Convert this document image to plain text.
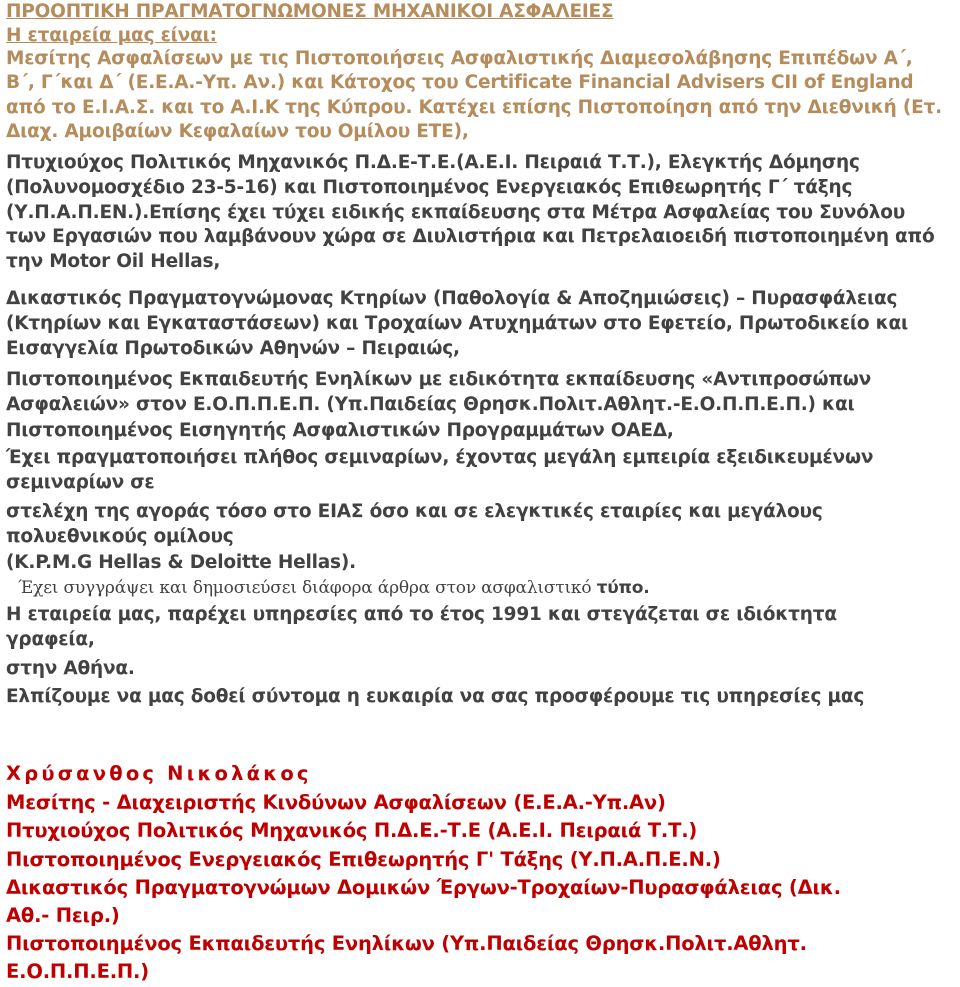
ΠΡΟΟΠΤΙΚΗ ΠΡΑΓΜΑΤΟΓΝΩΜΟΝΕΣ ΜΗΧΑΝΙΚΟΙ ΑΣΦΑΛΕΙΕΣ
Η εταιρεία μας είναι:
Μεσίτης Ασφαλίσεων με τις Πιστοποιήσεις Ασφαλιστικής Διαμεσολάβησης Επιπέδων Α΄,
Β΄, Γ΄και Δ΄ (Ε.Ε.Α.-Υπ. Αν.) και Κάτοχος του Certificate Financial Advisers CII of England
από το Ε.Ι.Α.Σ. και το Α.Ι.Κ της Κύπρου. Κατέχει επίσης Πιστοποίηση από την Διεθνική (Ετ.
Διαχ. Αμοιβαίων Κεφαλαίων του Ομίλου ΕΤΕ),
Πτυχιούχος Πολιτικός Μηχανικός Π.Δ.Ε-Τ.Ε.(Α.Ε.Ι. Πειραιά Τ.Τ.), Ελεγκτής Δόμησης
(Πολυνομοσχέδιο 23-5-16) και Πιστοποιημένος Ενεργειακός Επιθεωρητής Γ΄ τάξης
(Υ.Π.Α.Π.ΕΝ.).Επίσης έχει τύχει ειδικής εκπαίδευσης στα Μέτρα Ασφαλείας του Συνόλου
των Εργασιών που λαμβάνουν χώρα σε Διυλιστήρια και Πετρελαιοειδή πιστοποιημένη από
την Motor Oil Hellas,
Δικαστικός Πραγματογνώμονας Κτηρίων (Παθολογία & Αποζημιώσεις) – Πυρασφάλειας
(Κτηρίων και Εγκαταστάσεων) και Τροχαίων Ατυχημάτων στο Εφετείο, Πρωτοδικείο και
Εισαγγελία Πρωτοδικών Αθηνών – Πειραιώς,
Πιστοποιημένος Εκπαιδευτής Ενηλίκων με ειδικότητα εκπαίδευσης «Αντιπροσώπων
Ασφαλειών» στον Ε.Ο.Π.Π.Ε.Π. (Υπ.Παιδείας Θρησκ.Πολιτ.Αθλητ.-Ε.Ο.Π.Π.Ε.Π.) και
Πιστοποιημένος Εισηγητής Ασφαλιστικών Προγραμμάτων ΟΑΕΔ,
Έχει πραγματοποιήσει πλήθος σεμιναρίων, έχοντας μεγάλη εμπειρία εξειδικευμένων
σεμιναρίων σε
στελέχη της αγοράς τόσο στο ΕΙΑΣ όσο και σε ελεγκτικές εταιρίες και μεγάλους
πολυεθνικούς ομίλους
(K.P.M.G Hellas & Deloitte Hellas).
Έχει συγγράψει και δημοσιεύσει διάφορα άρθρα στον ασφαλιστικό τύπο.
Η εταιρεία μας, παρέχει υπηρεσίες από το έτος 1991 και στεγάζεται σε ιδιόκτητα
γραφεία,
στην Αθήνα.
Ελπίζουμε να μας δοθεί σύντομα η ευκαιρία να σας προσφέρουμε τις υπηρεσίες μας
Χρύσανθος Νικολάκος
Μεσίτης - Διαχειριστής Κινδύνων Ασφαλίσεων (Ε.Ε.Α.-Υπ.Αν)
Πτυχιούχος Πολιτικός Μηχανικός Π.Δ.Ε.-Τ.Ε (Α.Ε.Ι. Πειραιά Τ.Τ.)
Πιστοποιημένος Ενεργειακός Επιθεωρητής Γ' Τάξης (Υ.Π.Α.Π.Ε.Ν.)
Δικαστικός Πραγματογνώμων Δομικών Έργων-Τροχαίων-Πυρασφάλειας (Δικ.
Αθ.- Πειρ.)
Πιστοποιημένος Εκπαιδευτής Ενηλίκων (Υπ.Παιδείας Θρησκ.Πολιτ.Αθλητ.
Ε.Ο.Π.Π.Ε.Π.)
